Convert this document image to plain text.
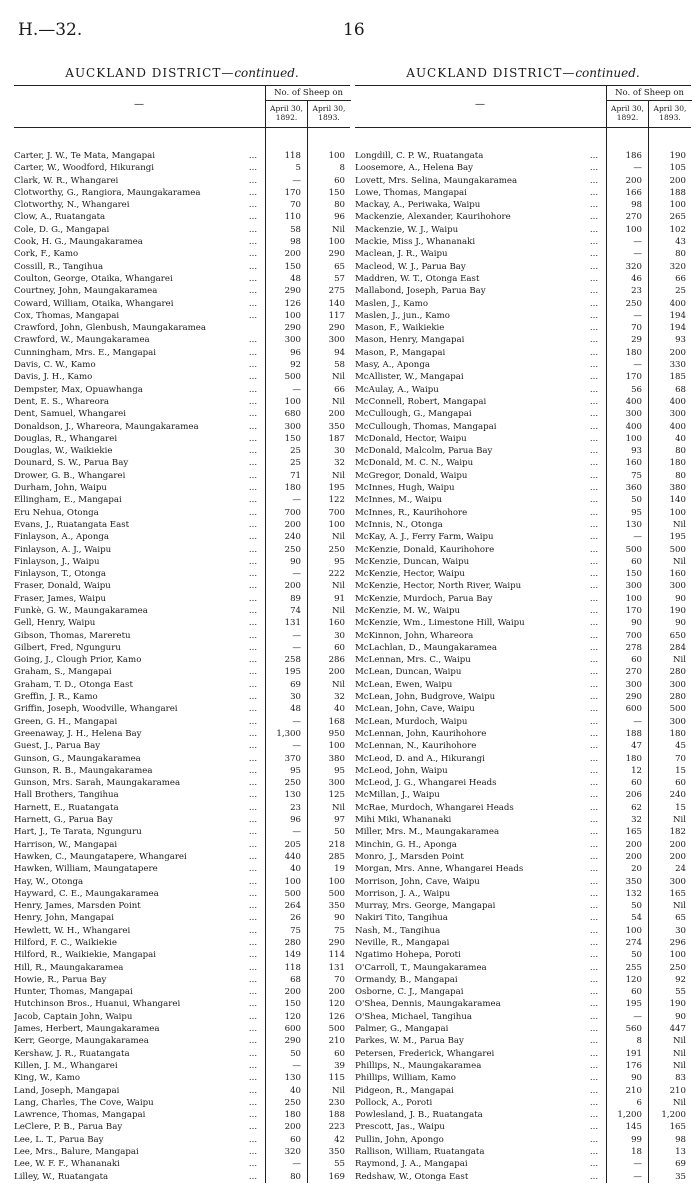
H.—32.	16
AUCKLAND DISTRICT—continued.
—
No. of Sheep on
April 30, 1892.
April 30, 1893.
Carter, J. W., Te Mata, Mangapai	...	118	100
Carter, W., Woodford, Hikurangi	...	5	8
Clark, W. R., Whangarei	...	—	60
Clotworthy, G., Rangiora, Maungakaramea	...	170	150
Clotworthy, N., Whangarei	...	70	80
Clow, A., Ruatangata	...	110	96
Cole, D. G., Mangapai	...	58	Nil
Cook, H. G., Maungakaramea	...	98	100
Cork, F., Kamo	...	200	290
Cossill, R., Tangihua	...	150	65
Coulton, George, Otaika, Whangarei	...	48	57
Courtney, John, Maungakaramea	...	290	275
Coward, William, Otaika, Whangarei	...	126	140
Cox, Thomas, Mangapai	...	100	117
Crawford, John, Glenbush, Maungakaramea	290	290
Crawford, W., Maungakaramea	...	300	300
Cunningham, Mrs. E., Mangapai	...	96	94
Davis, C. W., Kamo	...	92	58
Davis, J. H., Kamo	...	500	Nil
Dempster, Max, Opuawhanga	...	—	66
Dent, E. S., Whareora	...	100	Nil
Dent, Samuel, Whangarei	...	680	200
Donaldson, J., Whareora, Maungakaramea	...	300	350
Douglas, R., Whangarei	...	150	187
Douglas, W., Waikiekie	...	25	30
Dounard, S. W., Parua Bay	...	25	32
Drower, G. B., Whangarei	...	71	Nil
Durham, John, Waipu	...	180	195
Ellingham, E., Mangapai	...	—	122
Eru Nehua, Otonga	...	700	700
Evans, J., Ruatangata East	...	200	100
Finlayson, A., Aponga	...	240	Nil
Finlayson, A. J., Waipu	...	250	250
Finlayson, J., Waipu	...	90	95
Finlayson, T., Otonga	...	—	222
Fraser, Donald, Waipu	...	200	Nil
Fraser, James, Waipu	...	89	91
Funkè, G. W., Maungakaramea	...	74	Nil
Gell, Henry, Waipu	...	131	160
Gibson, Thomas, Mareretu	...	—	30
Gilbert, Fred, Ngunguru	...	—	60
Going, J., Clough Prior, Kamo	...	258	286
Graham, S., Mangapai	...	195	200
Graham, T. D., Otonga East	...	69	Nil
Greffin, J. R., Kamo	...	30	32
Griffin, Joseph, Woodville, Whangarei	...	48	40
Green, G. H., Mangapai	...	—	168
Greenaway, J. H., Helena Bay	...	1,300	950
Guest, J., Parua Bay	...	—	100
Gunson, G., Maungakaramea	...	370	380
Gunson, R. B., Maungakaramea	...	95	95
Gunson, Mrs. Sarah, Maungakaramea	...	250	300
Hall Brothers, Tangihua	...	130	125
Harnett, E., Ruatangata	...	23	Nil
Harnett, G., Parua Bay	...	96	97
Hart, J., Te Tarata, Ngunguru	...	—	50
Harrison, W., Mangapai	...	205	218
Hawken, C., Maungatapere, Whangarei	...	440	285
Hawken, William, Maungatapere	...	40	19
Hay, W., Otonga	...	100	100
Hayward, C. E., Maungakaramea	...	500	500
Henry, James, Marsden Point	...	264	350
Henry, John, Mangapai	...	26	90
Hewlett, W. H., Whangarei	...	75	75
Hilford, F. C., Waikiekie	...	280	290
Hilford, R., Waikiekie, Mangapai	...	149	114
Hill, R., Maungakaramea	...	118	131
Howie, R., Parua Bay	...	68	70
Hunter, Thomas, Mangapai	...	200	200
Hutchinson Bros., Huanui, Whangarei	...	150	120
Jacob, Captain John, Waipu	...	120	126
James, Herbert, Maungakaramea	...	600	500
Kerr, George, Maungakaramea	...	290	210
Kershaw, J. R., Ruatangata	...	50	60
Killen, J. M., Whangarei	...	—	39
King, W., Kamo	...	130	115
Land, Joseph, Mangapai	...	40	Nil
Lang, Charles, The Cove, Waipu	...	250	230
Lawrence, Thomas, Mangapai	...	180	188
LeClere, P. B., Parua Bay	...	200	223
Lee, L. T., Parua Bay	...	60	42
Lee, Mrs., Balure, Mangapai	...	320	350
Lee, W. F. F., Whananaki	...	—	55
Lilley, W., Ruatangata	...	80	169
AUCKLAND DISTRICT—continued.
—
No. of Sheep on
April 30, 1892.
April 30, 1893.
Longdill, C. P. W., Ruatangata	...	186	190
Loosemore, A., Helena Bay	...	—	105
Lovett, Mrs. Selina, Maungakaramea	...	200	200
Lowe, Thomas, Mangapai	...	166	188
Mackay, A., Periwaka, Waipu	...	98	100
Mackenzie, Alexander, Kaurihohore	...	270	265
Mackenzie, W. J., Waipu	...	100	102
Mackie, Miss J., Whananaki	...	—	43
Maclean, J. R., Waipu	...	—	80
Macleod, W. J., Parua Bay	...	320	320
Maddren, W. T., Otonga East	...	46	66
Mallabond, Joseph, Parua Bay	...	23	25
Maslen, J., Kamo	...	250	400
Maslen, J., jun., Kamo	...	—	194
Mason, F., Waikiekie	...	70	194
Mason, Henry, Mangapai	...	29	93
Mason, P., Mangapai	...	180	200
Masy, A., Aponga	...	—	330
McAllister, W., Mangapai	...	170	185
McAulay, A., Waipu	...	56	68
McConnell, Robert, Mangapai	...	400	400
McCullough, G., Mangapai	...	300	300
McCullough, Thomas, Mangapai	...	400	400
McDonald, Hector, Waipu	...	100	40
McDonald, Malcolm, Parua Bay	...	93	80
McDonald, M. C. N., Waipu	...	160	180
McGregor, Donald, Waipu	...	75	80
McInnes, Hugh, Waipu	...	360	380
McInnes, M., Waipu	...	50	140
McInnes, R., Kaurihohore	...	95	100
McInnis, N., Otonga	...	130	Nil
McKay, A. J., Ferry Farm, Waipu	...	—	195
McKenzie, Donald, Kaurihohore	...	500	500
McKenzie, Duncan, Waipu	...	60	Nil
McKenzie, Hector, Waipu	...	150	160
McKenzie, Hector, North River, Waipu	...	300	300
McKenzie, Murdoch, Parua Bay	...	100	90
McKenzie, M. W., Waipu	...	170	190
McKenzie, Wm., Limestone Hill, Waipu	...	90	90
McKinnon, John, Whareora	...	700	650
McLachlan, D., Maungakaramea	...	278	284
McLennan, Mrs. C., Waipu	...	60	Nil
McLean, Duncan, Waipu	...	270	280
McLean, Ewen, Waipu	...	300	300
McLean, John, Budgrove, Waipu	...	290	280
McLean, John, Cave, Waipu	...	600	500
McLean, Murdoch, Waipu	...	—	300
McLennan, John, Kaurihohore	...	188	180
McLennan, N., Kaurihohore	...	47	45
McLeod, D. and A., Hikurangi	...	180	70
McLeod, John, Waipu	...	12	15
McLeod, J. G., Whangarei Heads	...	60	60
McMillan, J., Waipu	...	206	240
McRae, Murdoch, Whangarei Heads	...	62	15
Mihi Miki, Whananaki	...	32	Nil
Miller, Mrs. M., Maungakaramea	...	165	182
Minchin, G. H., Aponga	...	200	200
Monro, J., Marsden Point	...	200	200
Morgan, Mrs. Anne, Whangarei Heads	...	20	24
Morrison, John, Cave, Waipu	...	350	300
Morrison, J. A., Waipu	...	132	165
Murray, Mrs. George, Mangapai	...	50	Nil
Nakiri Tito, Tangihua	...	54	65
Nash, M., Tangihua	...	100	30
Neville, R., Mangapai	...	274	296
Ngatimo Hohepa, Poroti	...	50	100
O'Carroll, T., Maungakaramea	...	255	250
Ormandy, B., Mangapai	...	120	92
Osborne, C. J., Mangapai	...	60	55
O'Shea, Dennis, Maungakaramea	...	195	190
O'Shea, Michael, Tangihua	...	—	90
Palmer, G., Mangapai	...	560	447
Parkes, W. M., Parua Bay	...	8	Nil
Petersen, Frederick, Whangarei	...	191	Nil
Phillips, N., Maungakaramea	...	176	Nil
Phillips, William, Kamo	...	90	83
Pidgeon, R., Mangapai	...	210	210
Pollock, A., Poroti	...	6	Nil
Powlesland, J. B., Ruatangata	...	1,200	1,200
Prescott, Jas., Waipu	...	145	165
Pullin, John, Apongo	...	99	98
Rallison, William, Ruatangata	...	18	13
Raymond, J. A., Mangapai	...	—	69
Redshaw, W., Otonga East	...	—	35
